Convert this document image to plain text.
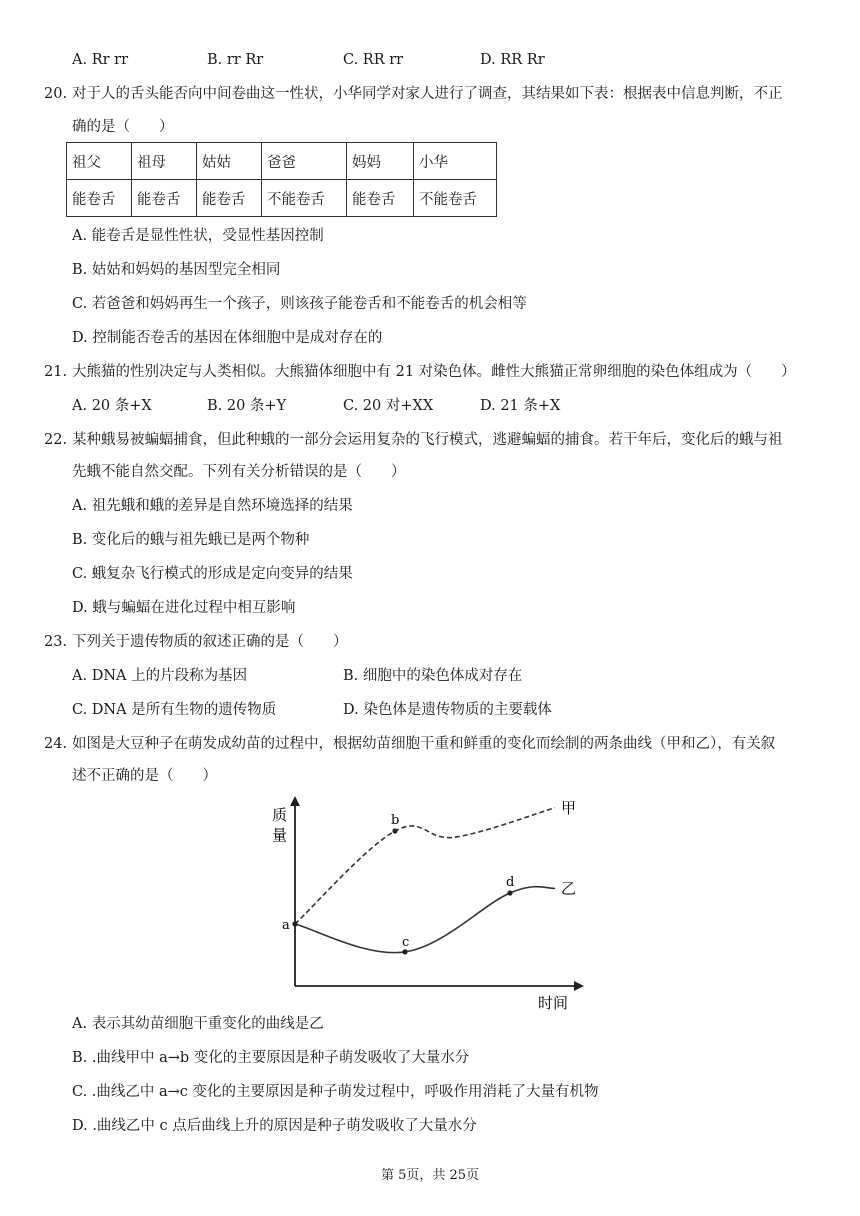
A. Rr rr	B. rr Rr	C. RR rr	D. RR Rr
20. 对于人的舌头能否向中间卷曲这一性状，小华同学对家人进行了调查，其结果如下表：根据表中信息判断，不正
确的是（　　）
祖父	祖母	姑姑	爸爸	妈妈	小华
能卷舌	能卷舌	能卷舌	不能卷舌	能卷舌	不能卷舌
A. 能卷舌是显性性状，受显性基因控制
B. 姑姑和妈妈的基因型完全相同
C. 若爸爸和妈妈再生一个孩子，则该孩子能卷舌和不能卷舌的机会相等
D. 控制能否卷舌的基因在体细胞中是成对存在的
21. 大熊猫的性别决定与人类相似。大熊猫体细胞中有 21 对染色体。雌性大熊猫正常卵细胞的染色体组成为（　　）
A. 20 条+X	B. 20 条+Y	C. 20 对+XX	D. 21 条+X
22. 某种蛾易被蝙蝠捕食，但此种蛾的一部分会运用复杂的飞行模式，逃避蝙蝠的捕食。若干年后，变化后的蛾与祖
先蛾不能自然交配。下列有关分析错误的是（　　）
A. 祖先蛾和蛾的差异是自然环境选择的结果
B. 变化后的蛾与祖先蛾已是两个物种
C. 蛾复杂飞行模式的形成是定向变异的结果
D. 蛾与蝙蝠在进化过程中相互影响
23. 下列关于遗传物质的叙述正确的是（　　）
A. DNA 上的片段称为基因	B. 细胞中的染色体成对存在
C. DNA 是所有生物的遗传物质	D. 染色体是遗传物质的主要载体
24. 如图是大豆种子在萌发成幼苗的过程中，根据幼苗细胞干重和鲜重的变化而绘制的两条曲线（甲和乙），有关叙
述不正确的是（　　）
质
量
时间
甲
乙
a
b
c
d
A. 表示其幼苗细胞干重变化的曲线是乙
B. .曲线甲中 a→b 变化的主要原因是种子萌发吸收了大量水分
C. .曲线乙中 a→c 变化的主要原因是种子萌发过程中，呼吸作用消耗了大量有机物
D. .曲线乙中 c 点后曲线上升的原因是种子萌发吸收了大量水分
第 5页，共 25页
